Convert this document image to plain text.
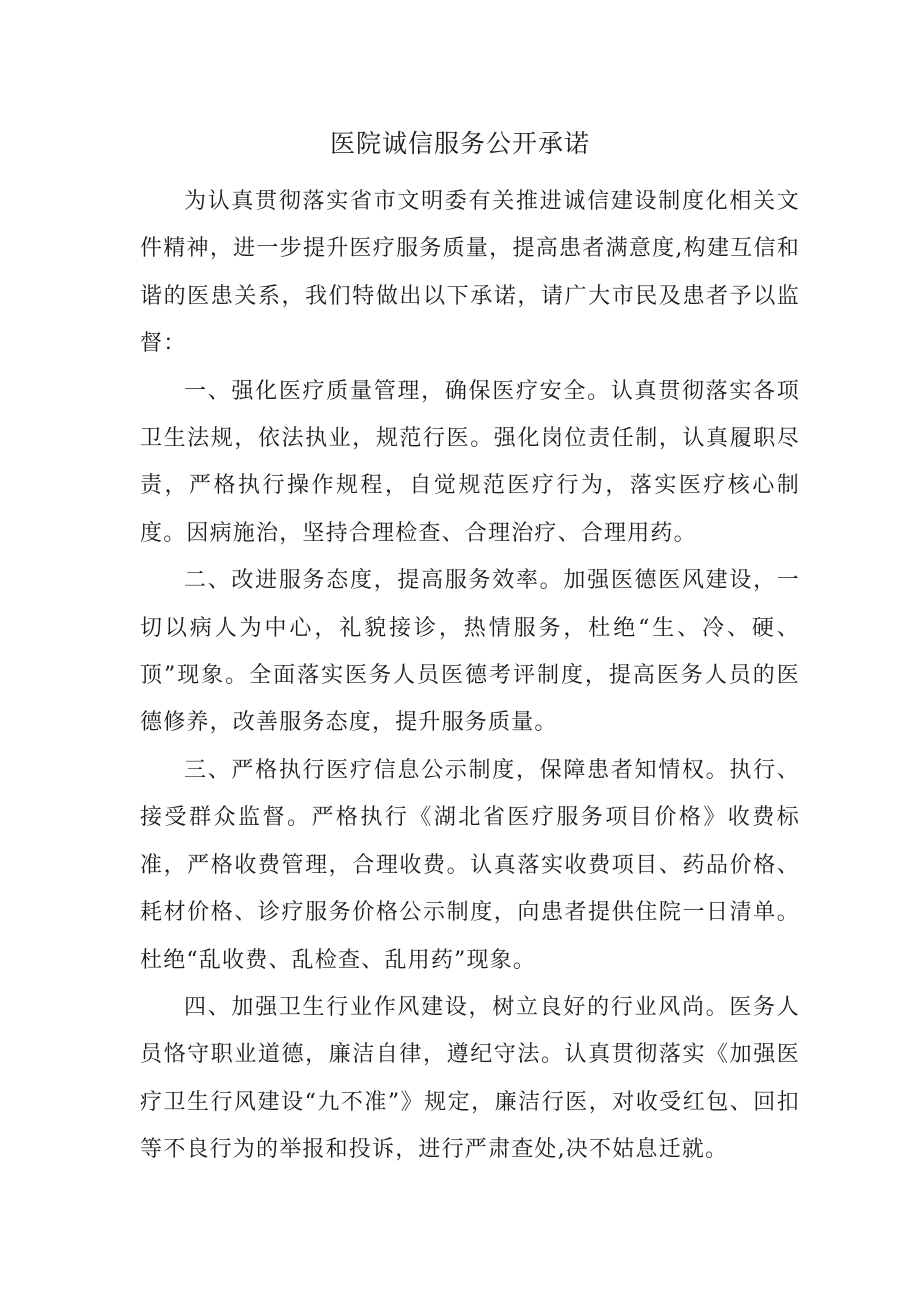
医院诚信服务公开承诺

为认真贯彻落实省市文明委有关推进诚信建设制度化相关文件精神，进一步提升医疗服务质量，提高患者满意度,构建互信和谐的医患关系，我们特做出以下承诺，请广大市民及患者予以监督：

一、强化医疗质量管理，确保医疗安全。认真贯彻落实各项卫生法规，依法执业，规范行医。强化岗位责任制，认真履职尽责，严格执行操作规程，自觉规范医疗行为，落实医疗核心制度。因病施治，坚持合理检查、合理治疗、合理用药。

二、改进服务态度，提高服务效率。加强医德医风建设，一切以病人为中心，礼貌接诊，热情服务，杜绝“生、冷、硬、顶”现象。全面落实医务人员医德考评制度，提高医务人员的医德修养，改善服务态度，提升服务质量。

三、严格执行医疗信息公示制度，保障患者知情权。执行、接受群众监督。严格执行《湖北省医疗服务项目价格》收费标准，严格收费管理，合理收费。认真落实收费项目、药品价格、耗材价格、诊疗服务价格公示制度，向患者提供住院一日清单。杜绝“乱收费、乱检查、乱用药”现象。

四、加强卫生行业作风建设，树立良好的行业风尚。医务人员恪守职业道德，廉洁自律，遵纪守法。认真贯彻落实《加强医疗卫生行风建设“九不准”》规定，廉洁行医，对收受红包、回扣等不良行为的举报和投诉，进行严肃查处,决不姑息迁就。
